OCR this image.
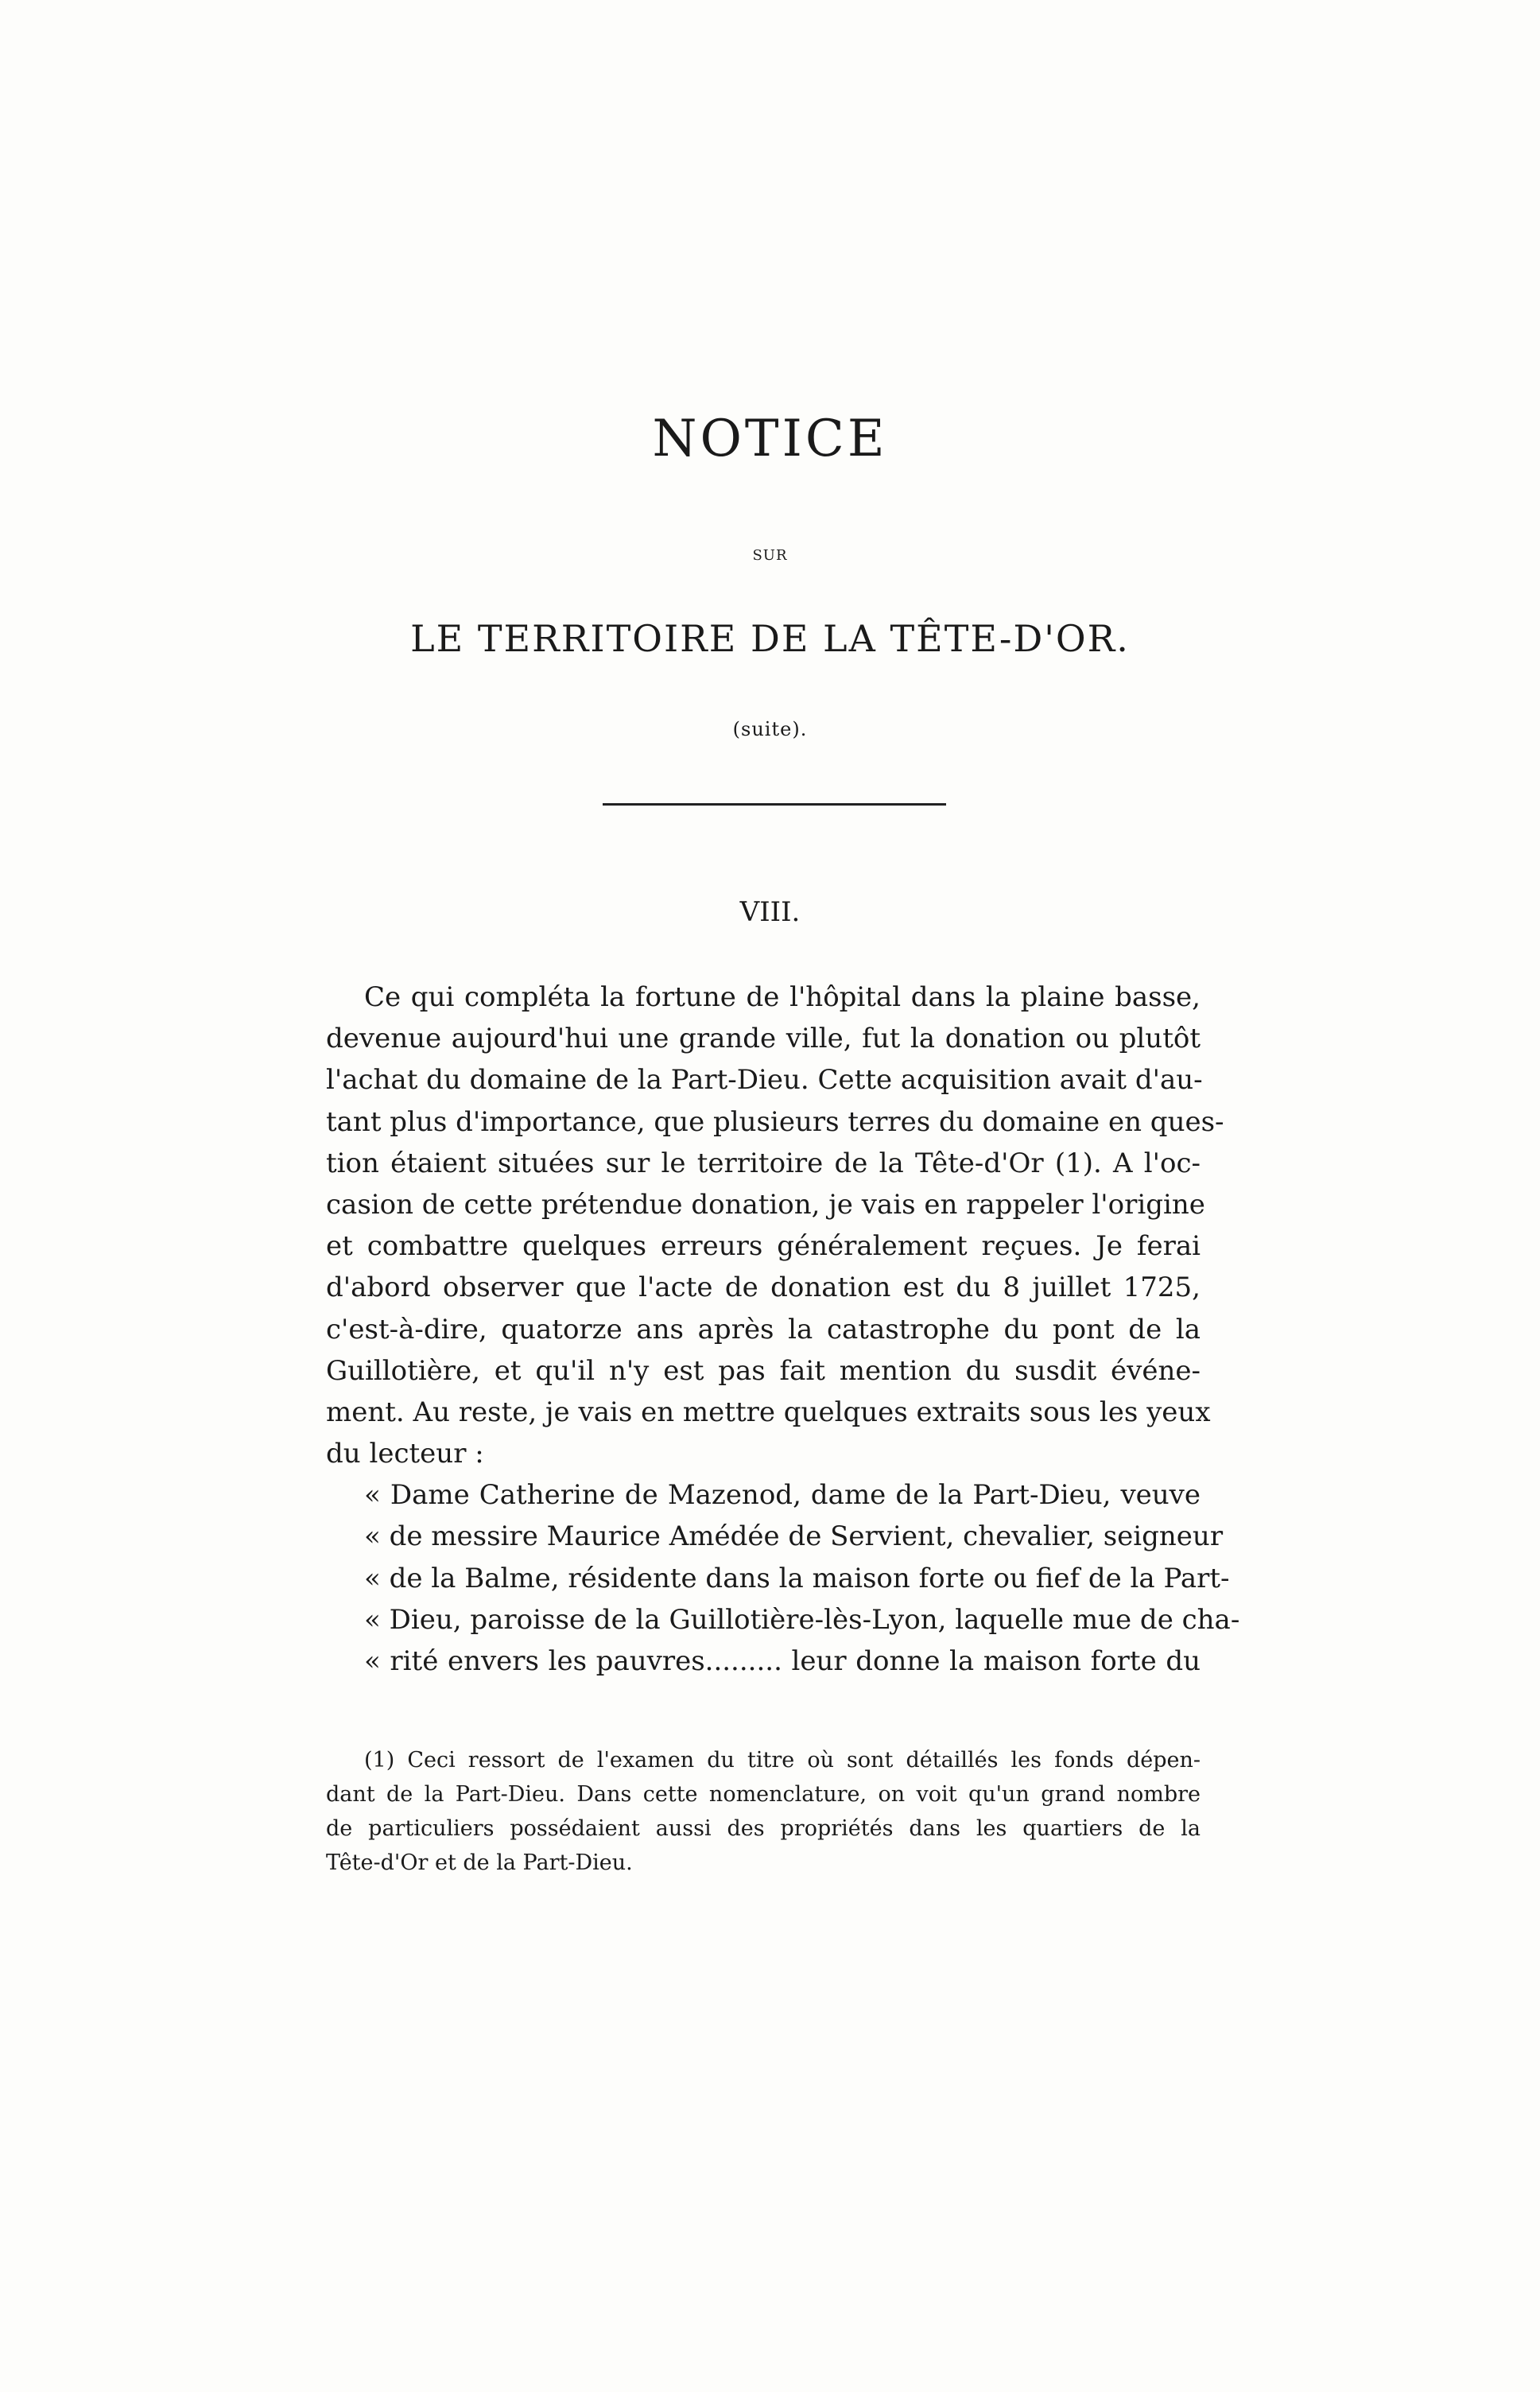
NOTICE
SUR
LE TERRITOIRE DE LA TÊTE-D'OR.
(suite).
VIII.
Ce qui compléta la fortune de l'hôpital dans la plaine basse,
devenue aujourd'hui une grande ville, fut la donation ou plutôt
l'achat du domaine de la Part-Dieu. Cette acquisition avait d'au-
tant plus d'importance, que plusieurs terres du domaine en ques-
tion étaient situées sur le territoire de la Tête-d'Or (1). A l'oc-
casion de cette prétendue donation, je vais en rappeler l'origine
et combattre quelques erreurs généralement reçues. Je ferai
d'abord observer que l'acte de donation est du 8 juillet 1725,
c'est-à-dire, quatorze ans après la catastrophe du pont de la
Guillotière, et qu'il n'y est pas fait mention du susdit événe-
ment. Au reste, je vais en mettre quelques extraits sous les yeux
du lecteur :
« Dame Catherine de Mazenod, dame de la Part-Dieu, veuve
« de messire Maurice Amédée de Servient, chevalier, seigneur
« de la Balme, résidente dans la maison forte ou fief de la Part-
« Dieu, paroisse de la Guillotière-lès-Lyon, laquelle mue de cha-
« rité envers les pauvres......... leur donne la maison forte du
(1) Ceci ressort de l'examen du titre où sont détaillés les fonds dépen-
dant de la Part-Dieu. Dans cette nomenclature, on voit qu'un grand nombre
de particuliers possédaient aussi des propriétés dans les quartiers de la
Tête-d'Or et de la Part-Dieu.
